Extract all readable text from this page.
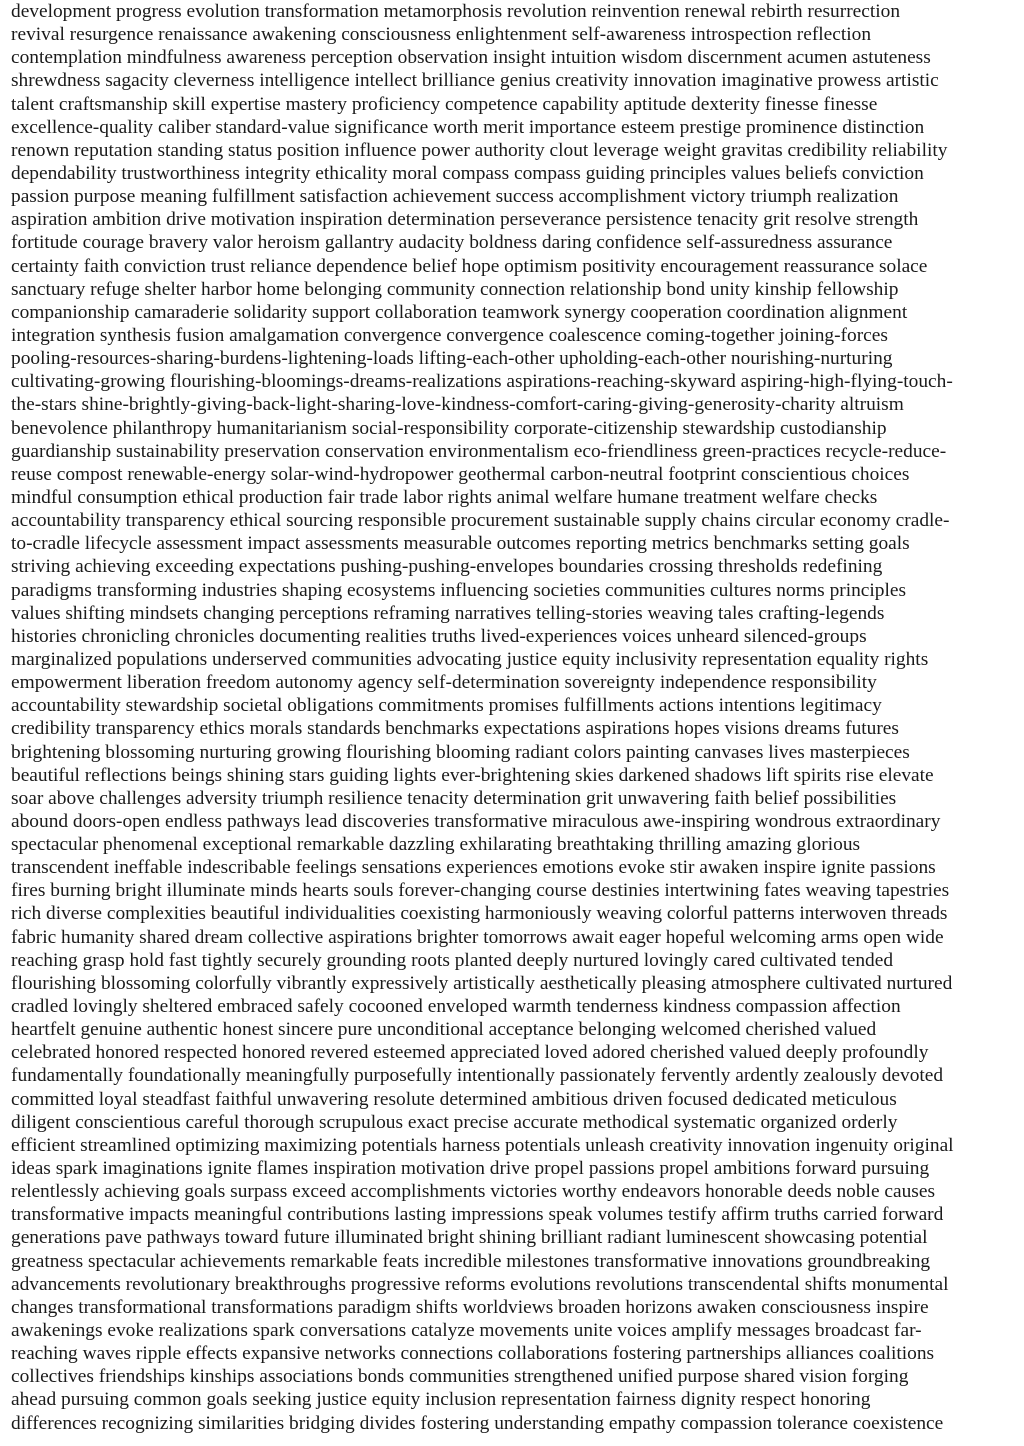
development progress evolution transformation metamorphosis revolution reinvention renewal rebirth resurrection
revival resurgence renaissance awakening consciousness enlightenment self-awareness introspection reflection
contemplation mindfulness awareness perception observation insight intuition wisdom discernment acumen astuteness
shrewdness sagacity cleverness intelligence intellect brilliance genius creativity innovation imaginative prowess artistic
talent craftsmanship skill expertise mastery proficiency competence capability aptitude dexterity finesse finesse
excellence-quality caliber standard-value significance worth merit importance esteem prestige prominence distinction
renown reputation standing status position influence power authority clout leverage weight gravitas credibility reliability
dependability trustworthiness integrity ethicality moral compass compass guiding principles values beliefs conviction
passion purpose meaning fulfillment satisfaction achievement success accomplishment victory triumph realization
aspiration ambition drive motivation inspiration determination perseverance persistence tenacity grit resolve strength
fortitude courage bravery valor heroism gallantry audacity boldness daring confidence self-assuredness assurance
certainty faith conviction trust reliance dependence belief hope optimism positivity encouragement reassurance solace
sanctuary refuge shelter harbor home belonging community connection relationship bond unity kinship fellowship
companionship camaraderie solidarity support collaboration teamwork synergy cooperation coordination alignment
integration synthesis fusion amalgamation convergence convergence coalescence coming-together joining-forces
pooling-resources-sharing-burdens-lightening-loads lifting-each-other upholding-each-other nourishing-nurturing
cultivating-growing flourishing-bloomings-dreams-realizations aspirations-reaching-skyward aspiring-high-flying-touch-
the-stars shine-brightly-giving-back-light-sharing-love-kindness-comfort-caring-giving-generosity-charity altruism
benevolence philanthropy humanitarianism social-responsibility corporate-citizenship stewardship custodianship
guardianship sustainability preservation conservation environmentalism eco-friendliness green-practices recycle-reduce-
reuse compost renewable-energy solar-wind-hydropower geothermal carbon-neutral footprint conscientious choices
mindful consumption ethical production fair trade labor rights animal welfare humane treatment welfare checks
accountability transparency ethical sourcing responsible procurement sustainable supply chains circular economy cradle-
to-cradle lifecycle assessment impact assessments measurable outcomes reporting metrics benchmarks setting goals
striving achieving exceeding expectations pushing-pushing-envelopes boundaries crossing thresholds redefining
paradigms transforming industries shaping ecosystems influencing societies communities cultures norms principles
values shifting mindsets changing perceptions reframing narratives telling-stories weaving tales crafting-legends
histories chronicling chronicles documenting realities truths lived-experiences voices unheard silenced-groups
marginalized populations underserved communities advocating justice equity inclusivity representation equality rights
empowerment liberation freedom autonomy agency self-determination sovereignty independence responsibility
accountability stewardship societal obligations commitments promises fulfillments actions intentions legitimacy
credibility transparency ethics morals standards benchmarks expectations aspirations hopes visions dreams futures
brightening blossoming nurturing growing flourishing blooming radiant colors painting canvases lives masterpieces
beautiful reflections beings shining stars guiding lights ever-brightening skies darkened shadows lift spirits rise elevate
soar above challenges adversity triumph resilience tenacity determination grit unwavering faith belief possibilities
abound doors-open endless pathways lead discoveries transformative miraculous awe-inspiring wondrous extraordinary
spectacular phenomenal exceptional remarkable dazzling exhilarating breathtaking thrilling amazing glorious
transcendent ineffable indescribable feelings sensations experiences emotions evoke stir awaken inspire ignite passions
fires burning bright illuminate minds hearts souls forever-changing course destinies intertwining fates weaving tapestries
rich diverse complexities beautiful individualities coexisting harmoniously weaving colorful patterns interwoven threads
fabric humanity shared dream collective aspirations brighter tomorrows await eager hopeful welcoming arms open wide
reaching grasp hold fast tightly securely grounding roots planted deeply nurtured lovingly cared cultivated tended
flourishing blossoming colorfully vibrantly expressively artistically aesthetically pleasing atmosphere cultivated nurtured
cradled lovingly sheltered embraced safely cocooned enveloped warmth tenderness kindness compassion affection
heartfelt genuine authentic honest sincere pure unconditional acceptance belonging welcomed cherished valued
celebrated honored respected honored revered esteemed appreciated loved adored cherished valued deeply profoundly
fundamentally foundationally meaningfully purposefully intentionally passionately fervently ardently zealously devoted
committed loyal steadfast faithful unwavering resolute determined ambitious driven focused dedicated meticulous
diligent conscientious careful thorough scrupulous exact precise accurate methodical systematic organized orderly
efficient streamlined optimizing maximizing potentials harness potentials unleash creativity innovation ingenuity original
ideas spark imaginations ignite flames inspiration motivation drive propel passions propel ambitions forward pursuing
relentlessly achieving goals surpass exceed accomplishments victories worthy endeavors honorable deeds noble causes
transformative impacts meaningful contributions lasting impressions speak volumes testify affirm truths carried forward
generations pave pathways toward future illuminated bright shining brilliant radiant luminescent showcasing potential
greatness spectacular achievements remarkable feats incredible milestones transformative innovations groundbreaking
advancements revolutionary breakthroughs progressive reforms evolutions revolutions transcendental shifts monumental
changes transformational transformations paradigm shifts worldviews broaden horizons awaken consciousness inspire
awakenings evoke realizations spark conversations catalyze movements unite voices amplify messages broadcast far-
reaching waves ripple effects expansive networks connections collaborations fostering partnerships alliances coalitions
collectives friendships kinships associations bonds communities strengthened unified purpose shared vision forging
ahead pursuing common goals seeking justice equity inclusion representation fairness dignity respect honoring
differences recognizing similarities bridging divides fostering understanding empathy compassion tolerance coexistence
